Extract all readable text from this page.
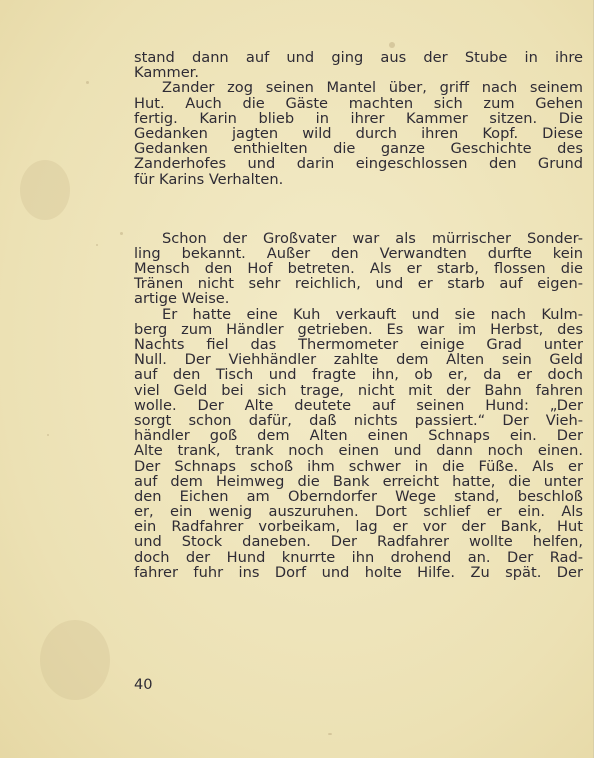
stand dann auf und ging aus der Stube in ihre
Kammer.
Zander zog seinen Mantel über, griff nach seinem
Hut. Auch die Gäste machten sich zum Gehen
fertig. Karin blieb in ihrer Kammer sitzen. Die
Gedanken jagten wild durch ihren Kopf. Diese
Gedanken enthielten die ganze Geschichte des
Zanderhofes und darin eingeschlossen den Grund
für Karins Verhalten.
Schon der Großvater war als mürrischer Sonder-
ling bekannt. Außer den Verwandten durfte kein
Mensch den Hof betreten. Als er starb, flossen die
Tränen nicht sehr reichlich, und er starb auf eigen-
artige Weise.
Er hatte eine Kuh verkauft und sie nach Kulm-
berg zum Händler getrieben. Es war im Herbst, des
Nachts fiel das Thermometer einige Grad unter
Null. Der Viehhändler zahlte dem Alten sein Geld
auf den Tisch und fragte ihn, ob er, da er doch
viel Geld bei sich trage, nicht mit der Bahn fahren
wolle. Der Alte deutete auf seinen Hund: „Der
sorgt schon dafür, daß nichts passiert.“ Der Vieh-
händler goß dem Alten einen Schnaps ein. Der
Alte trank, trank noch einen und dann noch einen.
Der Schnaps schoß ihm schwer in die Füße. Als er
auf dem Heimweg die Bank erreicht hatte, die unter
den Eichen am Oberndorfer Wege stand, beschloß
er, ein wenig auszuruhen. Dort schlief er ein. Als
ein Radfahrer vorbeikam, lag er vor der Bank, Hut
und Stock daneben. Der Radfahrer wollte helfen,
doch der Hund knurrte ihn drohend an. Der Rad-
fahrer fuhr ins Dorf und holte Hilfe. Zu spät. Der
40
